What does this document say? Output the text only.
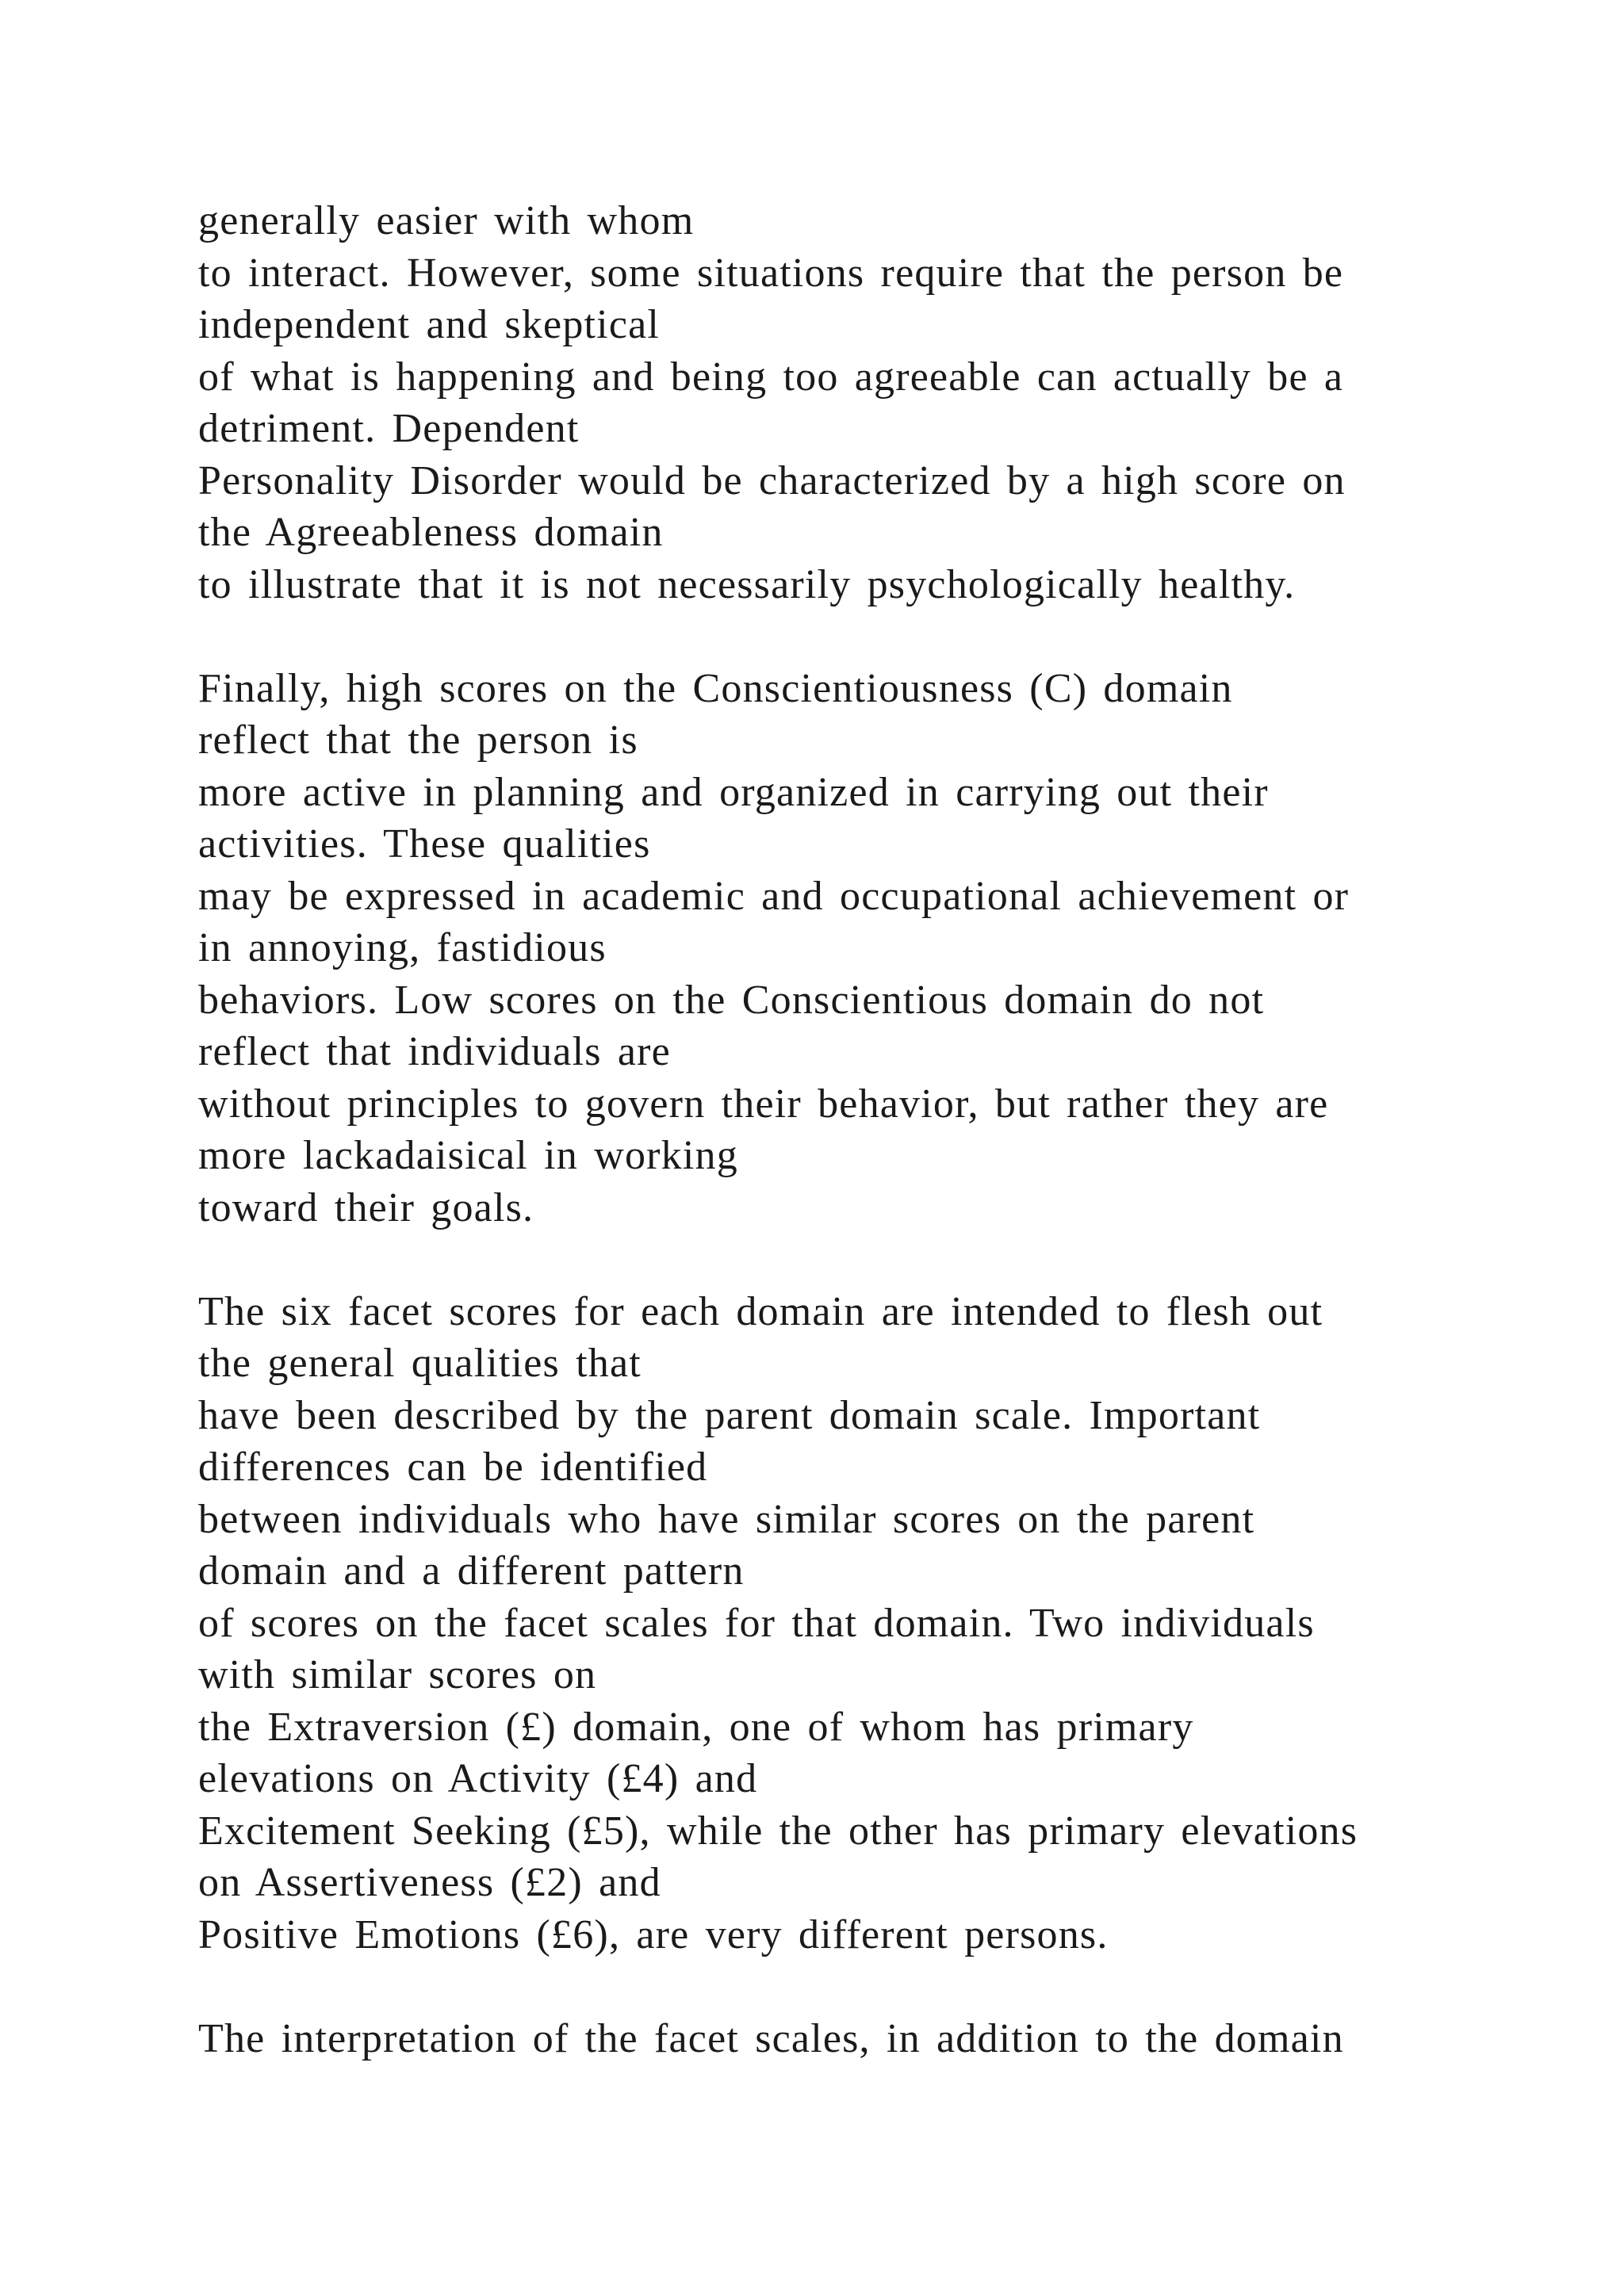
generally easier with whom
to interact. However, some situations require that the person be
independent and skeptical
of what is happening and being too agreeable can actually be a
detriment. Dependent
Personality Disorder would be characterized by a high score on
the Agreeableness domain
to illustrate that it is not necessarily psychologically healthy.

Finally, high scores on the Conscientiousness (C) domain
reflect that the person is
more active in planning and organized in carrying out their
activities. These qualities
may be expressed in academic and occupational achievement or
in annoying, fastidious
behaviors. Low scores on the Conscientious domain do not
reflect that individuals are
without principles to govern their behavior, but rather they are
more lackadaisical in working
toward their goals.

The six facet scores for each domain are intended to flesh out
the general qualities that
have been described by the parent domain scale. Important
differences can be identified
between individuals who have similar scores on the parent
domain and a different pattern
of scores on the facet scales for that domain. Two individuals
with similar scores on
the Extraversion (£) domain, one of whom has primary
elevations on Activity (£4) and
Excitement Seeking (£5), while the other has primary elevations
on Assertiveness (£2) and
Positive Emotions (£6), are very different persons.

The interpretation of the facet scales, in addition to the domain
